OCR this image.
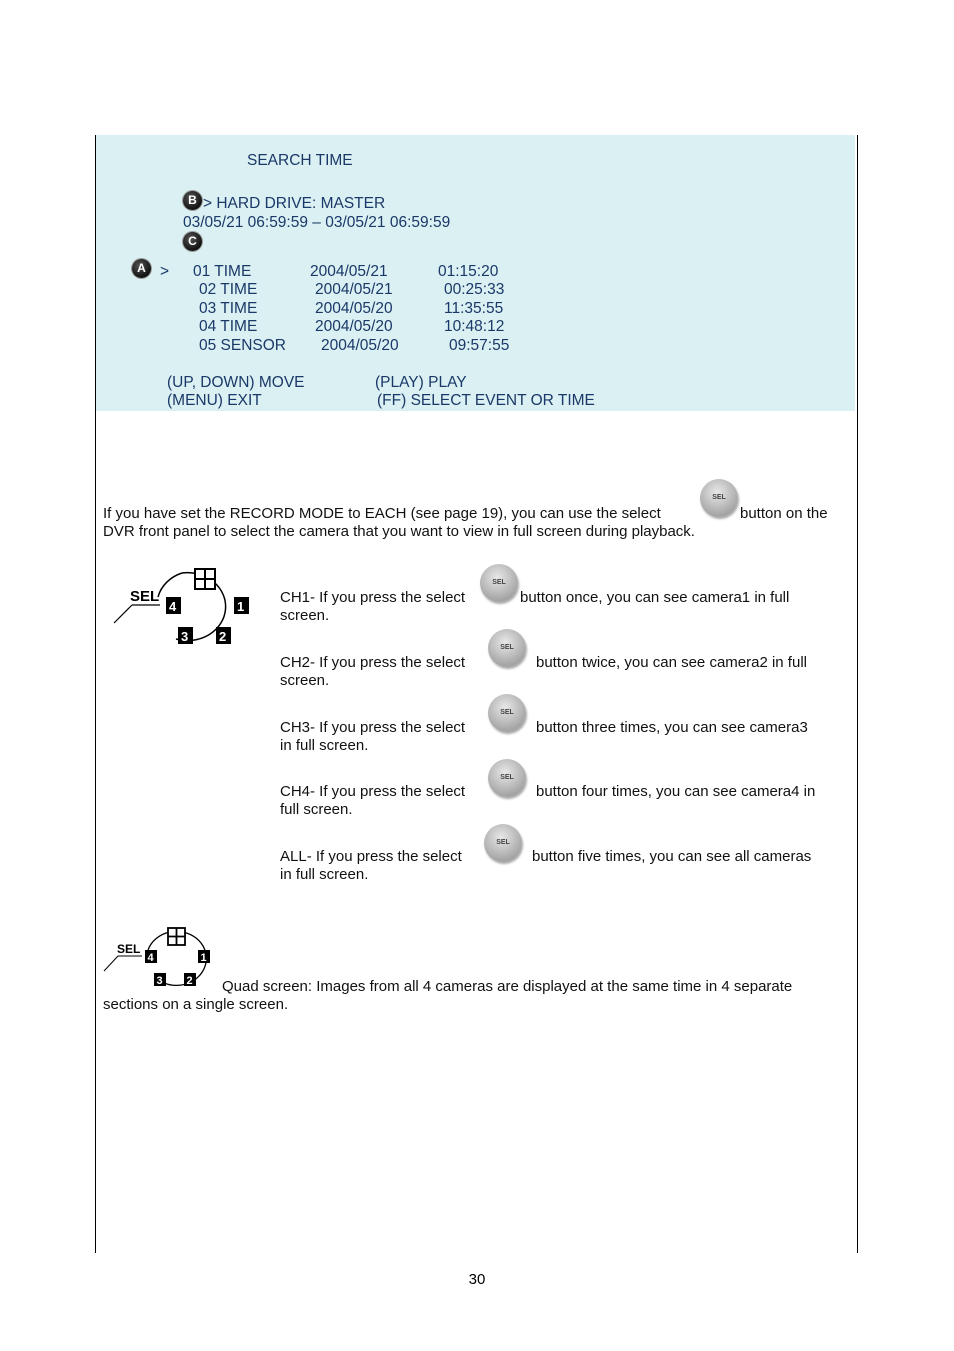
SEARCH TIME
B > HARD DRIVE: MASTER
03/05/21 06:59:59 – 03/05/21 06:59:59
C
A > 01 TIME	2004/05/21	01:15:20
02 TIME	2004/05/21	00:25:33
03 TIME	2004/05/20	11:35:55
04 TIME	2004/05/20	10:48:12
05 SENSOR 2004/05/20	09:57:55
(UP, DOWN) MOVE	(PLAY) PLAY
(MENU) EXIT	(FF) SELECT EVENT OR TIME
If you have set the RECORD MODE to EACH (see page 19), you can use the select	button on the
DVR front panel to select the camera that you want to view in full screen during playback.
SEL
SEL
4	1
3 2
CH1- If you press the select	button once, you can see camera1 in full
screen.
SEL
CH2- If you press the select	button twice, you can see camera2 in full
screen.
SEL
CH3- If you press the select	button three times, you can see camera3
in full screen.
SEL
CH4- If you press the select	button four times, you can see camera4 in
full screen.
SEL
ALL- If you press the select	button five times, you can see all cameras
in full screen.
SEL
SEL
4	1
3 2	Quad screen: Images from all 4 cameras are displayed at the same time in 4 separate
sections on a single screen.
30
